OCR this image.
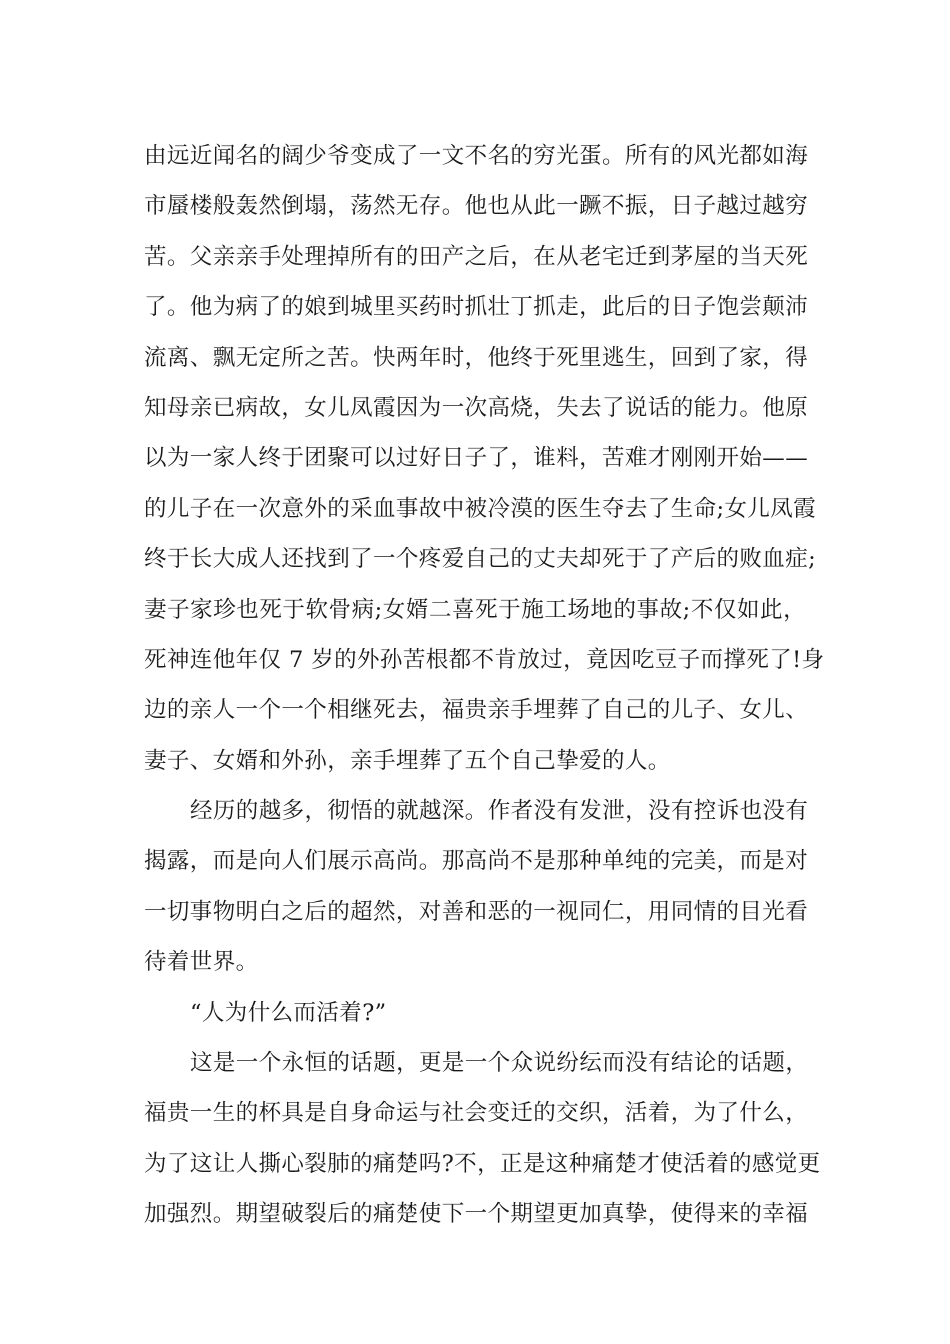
由远近闻名的阔少爷变成了一文不名的穷光蛋。所有的风光都如海
市蜃楼般轰然倒塌，荡然无存。他也从此一蹶不振，日子越过越穷
苦。父亲亲手处理掉所有的田产之后，在从老宅迁到茅屋的当天死
了。他为病了的娘到城里买药时抓壮丁抓走，此后的日子饱尝颠沛
流离、飘无定所之苦。快两年时，他终于死里逃生，回到了家，得
知母亲已病故，女儿凤霞因为一次高烧，失去了说话的能力。他原
以为一家人终于团聚可以过好日子了，谁料，苦难才刚刚开始——
的儿子在一次意外的采血事故中被冷漠的医生夺去了生命;女儿凤霞
终于长大成人还找到了一个疼爱自己的丈夫却死于了产后的败血症;
妻子家珍也死于软骨病;女婿二喜死于施工场地的事故;不仅如此，
死神连他年仅 7 岁的外孙苦根都不肯放过，竟因吃豆子而撑死了!身
边的亲人一个一个相继死去，福贵亲手埋葬了自己的儿子、女儿、
妻子、女婿和外孙，亲手埋葬了五个自己挚爱的人。
经历的越多，彻悟的就越深。作者没有发泄，没有控诉也没有
揭露，而是向人们展示高尚。那高尚不是那种单纯的完美，而是对
一切事物明白之后的超然，对善和恶的一视同仁，用同情的目光看
待着世界。
“人为什么而活着?”
这是一个永恒的话题，更是一个众说纷纭而没有结论的话题，
福贵一生的杯具是自身命运与社会变迁的交织，活着，为了什么，
为了这让人撕心裂肺的痛楚吗?不，正是这种痛楚才使活着的感觉更
加强烈。期望破裂后的痛楚使下一个期望更加真挚，使得来的幸福
